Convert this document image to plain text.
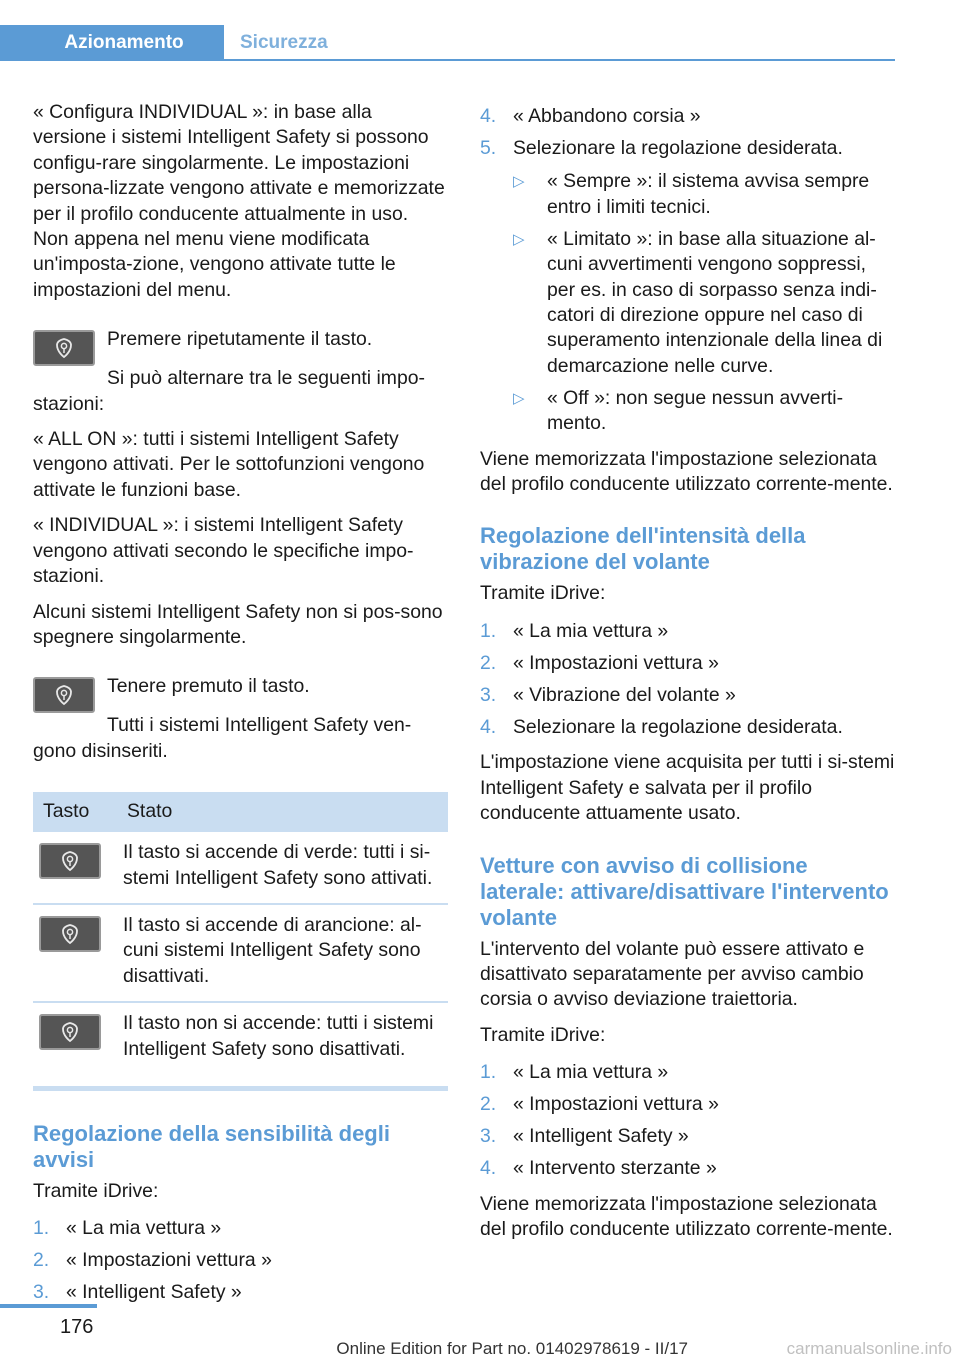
Azionamento	Sicurezza

« Configura INDIVIDUAL »: in base alla versione i sistemi Intelligent Safety si possono configu-rare singolarmente. Le impostazioni persona-lizzate vengono attivate e memorizzate per il profilo conducente attualmente in uso. Non appena nel menu viene modificata un'imposta-zione, vengono attivate tutte le impostazioni del menu.

Premere ripetutamente il tasto.

Si può alternare tra le seguenti impo-stazioni:

« ALL ON »: tutti i sistemi Intelligent Safety vengono attivati. Per le sottofunzioni vengono attivate le funzioni base.

« INDIVIDUAL »: i sistemi Intelligent Safety vengono attivati secondo le specifiche impo-stazioni.

Alcuni sistemi Intelligent Safety non si pos-sono spegnere singolarmente.

Tenere premuto il tasto.

Tutti i sistemi Intelligent Safety ven-gono disinseriti.

Tasto	Stato

	Il tasto si accende di verde: tutti i si-stemi Intelligent Safety sono attivati.

	Il tasto si accende di arancione: al-cuni sistemi Intelligent Safety sono disattivati.

	Il tasto non si accende: tutti i sistemi Intelligent Safety sono disattivati.
Regolazione della sensibilità degli avvisi

Tramite iDrive:

1. « La mia vettura »
2. « Impostazioni vettura »
3. « Intelligent Safety »
4. « Abbandono corsia »
5. Selezionare la regolazione desiderata.
▷ « Sempre »: il sistema avvisa sempre entro i limiti tecnici.
▷ « Limitato »: in base alla situazione al-cuni avvertimenti vengono soppressi, per es. in caso di sorpasso senza indi-catori di direzione oppure nel caso di superamento intenzionale della linea di demarcazione nelle curve.
▷ « Off »: non segue nessun avverti-mento.

Viene memorizzata l'impostazione selezionata del profilo conducente utilizzato corrente-mente.

Regolazione dell'intensità della vibrazione del volante

Tramite iDrive:

1. « La mia vettura »
2. « Impostazioni vettura »
3. « Vibrazione del volante »
4. Selezionare la regolazione desiderata.

L'impostazione viene acquisita per tutti i si-stemi Intelligent Safety e salvata per il profilo conducente attuamente usato.

Vetture con avviso di collisione laterale: attivare/disattivare l'intervento volante

L'intervento del volante può essere attivato e disattivato separatamente per avviso cambio corsia o avviso deviazione traiettoria.

Tramite iDrive:

1. « La mia vettura »
2. « Impostazioni vettura »
3. « Intelligent Safety »
4. « Intervento sterzante »

Viene memorizzata l'impostazione selezionata del profilo conducente utilizzato corrente-mente.

176
Online Edition for Part no. 01402978619 - II/17	carmanualsonline.info
